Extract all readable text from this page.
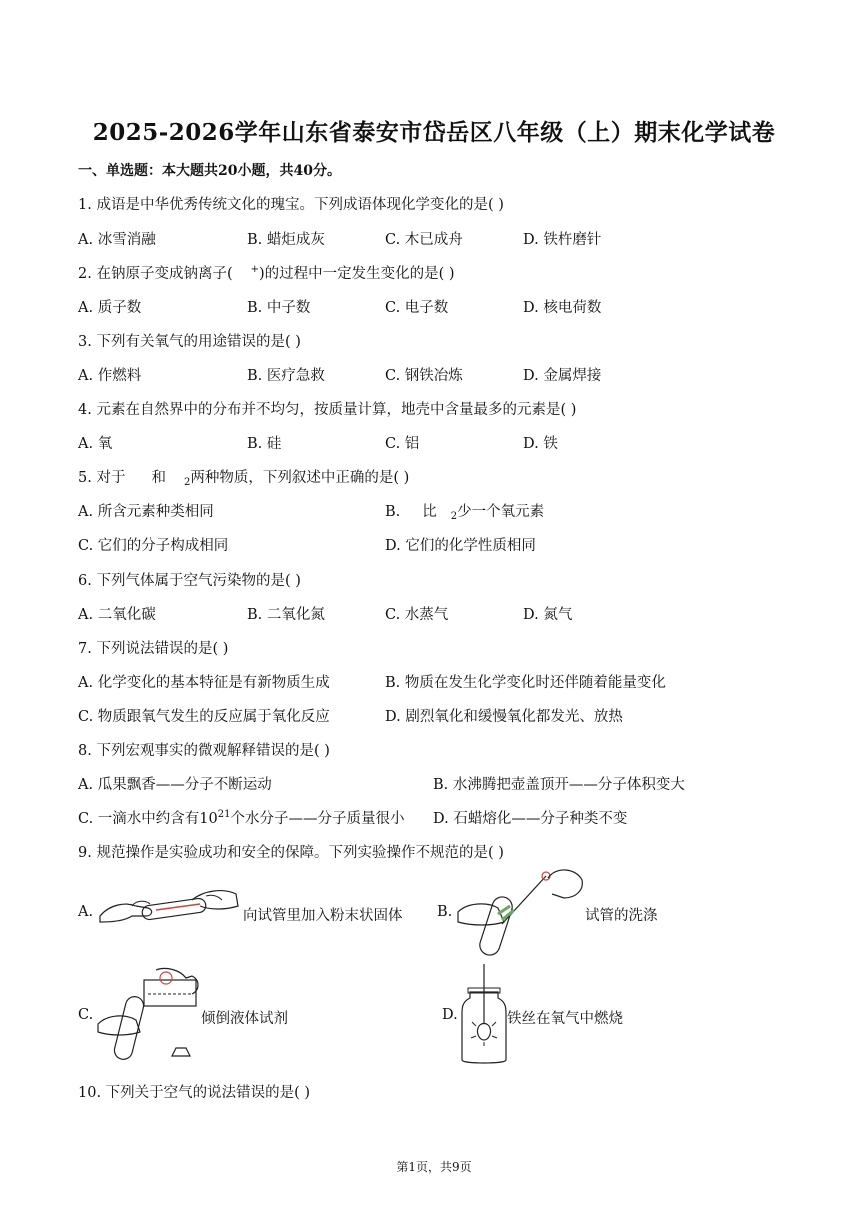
2025-2026学年山东省泰安市岱岳区八年级（上）期末化学试卷
一、单选题：本大题共20小题，共40分。
1. 成语是中华优秀传统文化的瑰宝。下列成语体现化学变化的是( )
A. 冰雪消融	B. 蜡炬成灰	C. 木已成舟	D. 铁杵磨针
2. 在钠原子变成钠离子( +)的过程中一定发生变化的是( )
A. 质子数	B. 中子数	C. 电子数	D. 核电荷数
3. 下列有关氧气的用途错误的是( )
A. 作燃料	B. 医疗急救	C. 钢铁冶炼	D. 金属焊接
4. 元素在自然界中的分布并不均匀，按质量计算，地壳中含量最多的元素是( )
A. 氧	B. 硅	C. 铝	D. 铁
5. 对于 和 $_2$两种物质，下列叙述中正确的是( )
A. 所含元素种类相同	B. 比 $_2$少一个氧元素
C. 它们的分子构成相同	D. 它们的化学性质相同
6. 下列气体属于空气污染物的是( )
A. 二氧化碳	B. 二氧化氮	C. 水蒸气	D. 氮气
7. 下列说法错误的是( )
A. 化学变化的基本特征是有新物质生成	B. 物质在发生化学变化时还伴随着能量变化
C. 物质跟氧气发生的反应属于氧化反应	D. 剧烈氧化和缓慢氧化都发光、放热
8. 下列宏观事实的微观解释错误的是( )
A. 瓜果飘香——分子不断运动	B. 水沸腾把壶盖顶开——分子体积变大
C. 一滴水中约含有$10^{21}$个水分子——分子质量很小 D. 石蜡熔化——分子种类不变
9. 规范操作是实验成功和安全的保障。下列实验操作不规范的是( )
A.	向试管里加入粉末状固体 B.	试管的洗涤
C.	倾倒液体试剂	D.	铁丝在氧气中燃烧
10. 下列关于空气的说法错误的是( )
第1页，共9页
